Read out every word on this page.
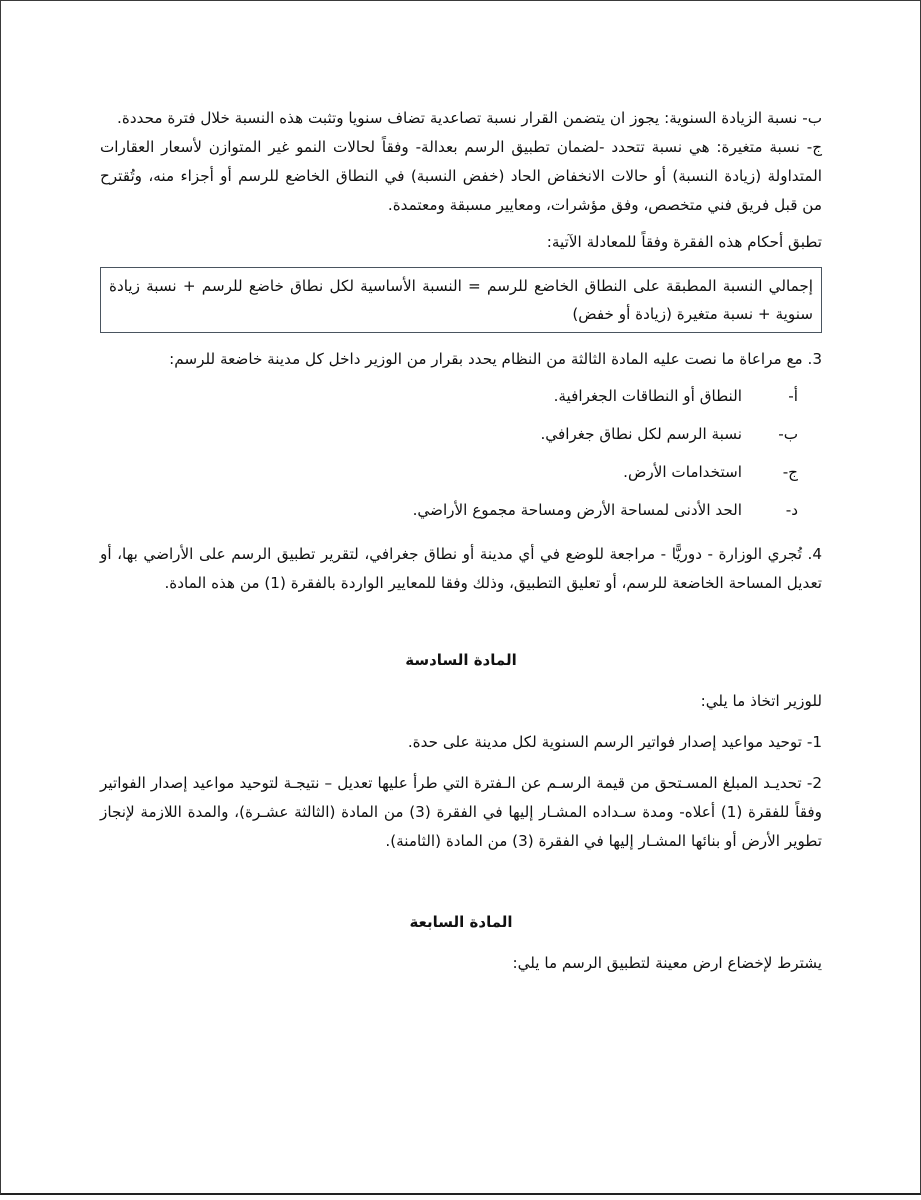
ب- نسبة الزيادة السنوية: يجوز ان يتضمن القرار نسبة تصاعدية تضاف سنويا وتثبت هذه النسبة خلال فترة محددة.

ج- نسبة متغيرة: هي نسبة تتحدد -لضمان تطبيق الرسم بعدالة- وفقاً لحالات النمو غير المتوازن لأسعار العقارات المتداولة (زيادة النسبة) أو حالات الانخفاض الحاد (خفض النسبة) في النطاق الخاضع للرسم أو أجزاء منه، وتُقترح من قبل فريق فني متخصص، وفق مؤشرات، ومعايير مسبقة ومعتمدة.

تطبق أحكام هذه الفقرة وفقاً للمعادلة الآتية:

إجمالي النسبة المطبقة على النطاق الخاضع للرسم = النسبة الأساسية لكل نطاق خاضع للرسم + نسبة زيادة سنوية + نسبة متغيرة (زيادة أو خفض)

3. مع مراعاة ما نصت عليه المادة الثالثة من النظام يحدد بقرار من الوزير داخل كل مدينة خاضعة للرسم:

أ-
النطاق أو النطاقات الجغرافية.
ب-
نسبة الرسم لكل نطاق جغرافي.
ج-
استخدامات الأرض.
د-
الحد الأدنى لمساحة الأرض ومساحة مجموع الأراضي.

4. تُجري الوزارة - دوريًّا - مراجعة للوضع في أي مدينة أو نطاق جغرافي، لتقرير تطبيق الرسم على الأراضي بها، أو تعديل المساحة الخاضعة للرسم، أو تعليق التطبيق، وذلك وفقا للمعايير الواردة بالفقرة (1) من هذه المادة.

المادة السادسة

للوزير اتخاذ ما يلي:

1- توحيد مواعيد إصدار فواتير الرسم السنوية لكل مدينة على حدة.

2- تحديـد المبلغ المسـتحق من قيمة الرسـم عن الـفترة التي طرأ عليها تعديل – نتيجـة لتوحيد مواعيد إصدار الفواتير وفقاً للفقرة (1) أعلاه- ومدة سـداده المشـار إليها في الفقرة (3) من المادة (الثالثة عشـرة)، والمدة اللازمة لإنجاز تطوير الأرض أو بنائها المشـار إليها في الفقرة (3) من المادة (الثامنة).

المادة السابعة

يشترط لإخضاع ارض معينة لتطبيق الرسم ما يلي:
